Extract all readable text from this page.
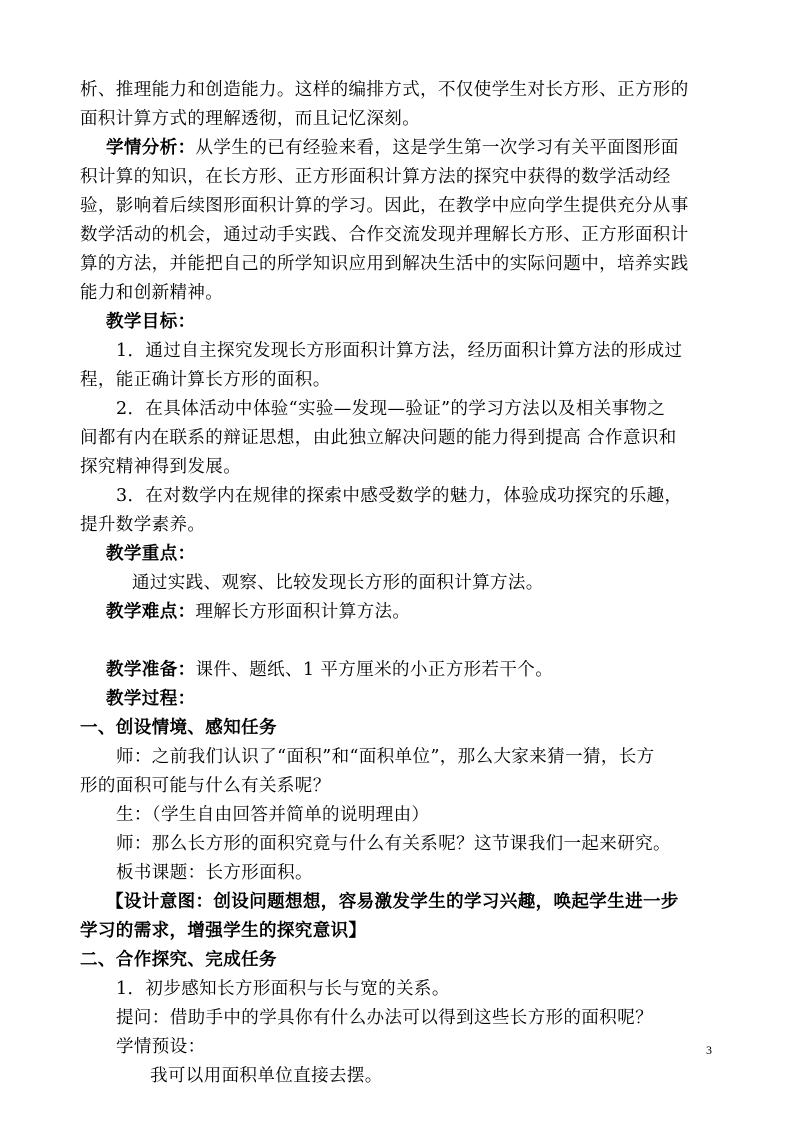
析、推理能力和创造能力。这样的编排方式，不仅使学生对长方形、正方形的
面积计算方式的理解透彻，而且记忆深刻。
学情分析：从学生的已有经验来看，这是学生第一次学习有关平面图形面
积计算的知识，在长方形、正方形面积计算方法的探究中获得的数学活动经
验，影响着后续图形面积计算的学习。因此，在教学中应向学生提供充分从事
数学活动的机会，通过动手实践、合作交流发现并理解长方形、正方形面积计
算的方法，并能把自己的所学知识应用到解决生活中的实际问题中，培养实践
能力和创新精神。
教学目标：
1．通过自主探究发现长方形面积计算方法，经历面积计算方法的形成过
程，能正确计算长方形的面积。
2．在具体活动中体验“实验—发现—验证”的学习方法以及相关事物之
间都有内在联系的辩证思想，由此独立解决问题的能力得到提高 合作意识和
探究精神得到发展。
3．在对数学内在规律的探索中感受数学的魅力，体验成功探究的乐趣，
提升数学素养。
教学重点：
通过实践、观察、比较发现长方形的面积计算方法。
教学难点：理解长方形面积计算方法。
教学准备：课件、题纸、1 平方厘米的小正方形若干个。
教学过程：
一、创设情境、感知任务
师：之前我们认识了“面积”和“面积单位”，那么大家来猜一猜，长方
形的面积可能与什么有关系呢？
生：（学生自由回答并简单的说明理由）
师：那么长方形的面积究竟与什么有关系呢？这节课我们一起来研究。
板书课题：长方形面积。
【设计意图：创设问题想想，容易激发学生的学习兴趣，唤起学生进一步
学习的需求，增强学生的探究意识】
二、合作探究、完成任务
1．初步感知长方形面积与长与宽的关系。
提问：借助手中的学具你有什么办法可以得到这些长方形的面积呢？
学情预设：
我可以用面积单位直接去摆。
3
